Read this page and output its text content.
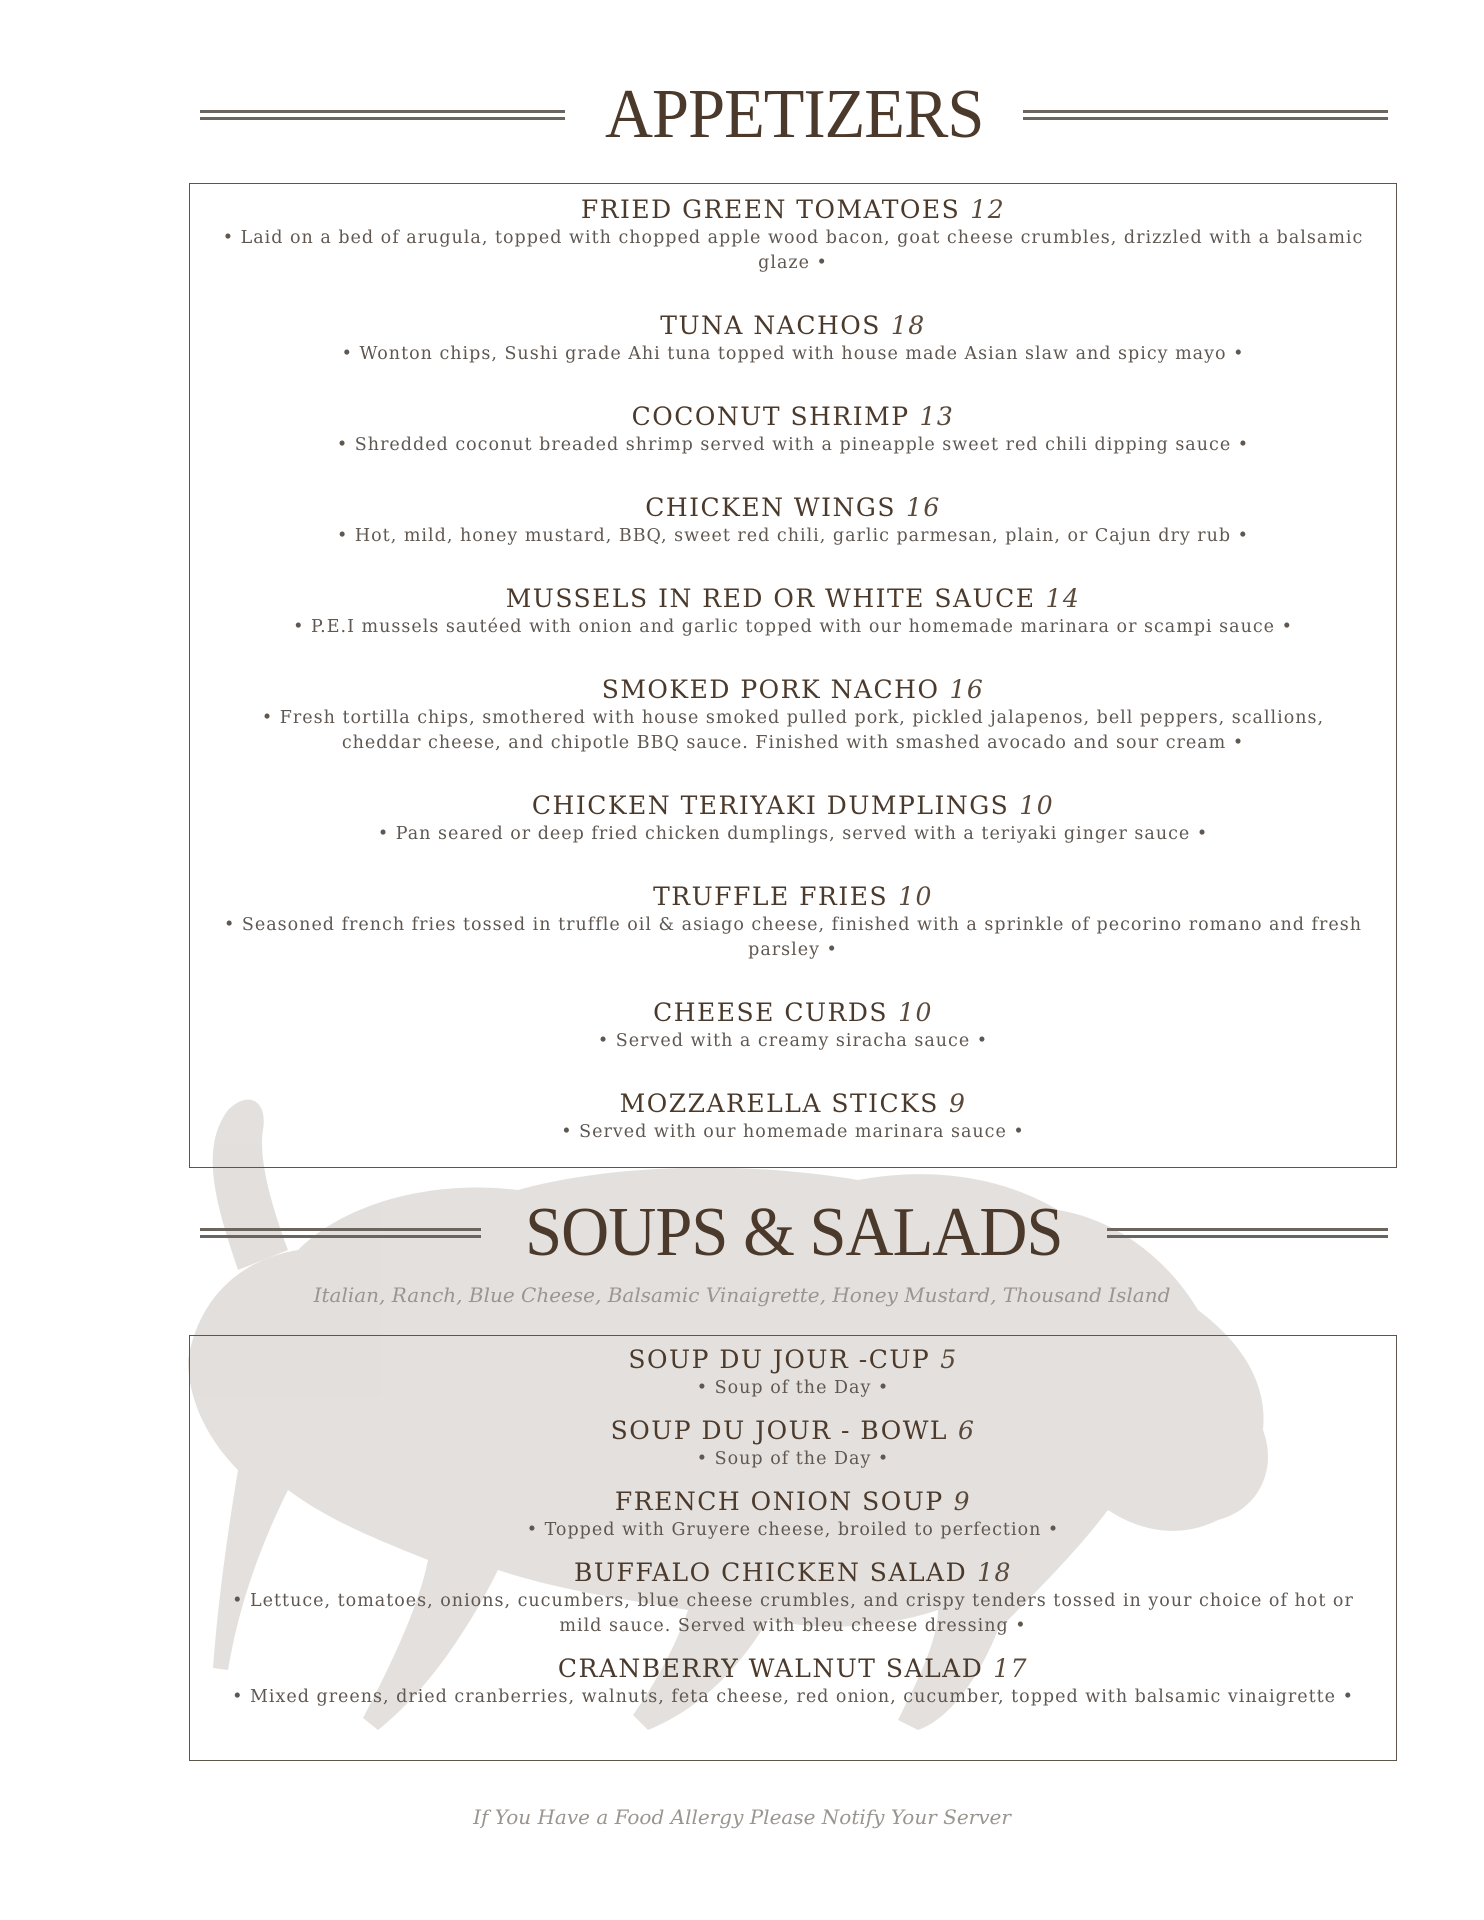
APPETIZERS
FRIED GREEN TOMATOES 12
• Laid on a bed of arugula, topped with chopped apple wood bacon, goat cheese crumbles, drizzled with a balsamic glaze •
TUNA NACHOS 18
• Wonton chips, Sushi grade Ahi tuna topped with house made Asian slaw and spicy mayo •
COCONUT SHRIMP 13
• Shredded coconut breaded shrimp served with a pineapple sweet red chili dipping sauce •
CHICKEN WINGS 16
• Hot, mild, honey mustard, BBQ, sweet red chili, garlic parmesan, plain, or Cajun dry rub •
MUSSELS IN RED OR WHITE SAUCE 14
• P.E.I mussels sautéed with onion and garlic topped with our homemade marinara or scampi sauce •
SMOKED PORK NACHO 16
• Fresh tortilla chips, smothered with house smoked pulled pork, pickled jalapenos, bell peppers, scallions, cheddar cheese, and chipotle BBQ sauce. Finished with smashed avocado and sour cream •
CHICKEN TERIYAKI DUMPLINGS 10
• Pan seared or deep fried chicken dumplings, served with a teriyaki ginger sauce •
TRUFFLE FRIES 10
• Seasoned french fries tossed in truffle oil & asiago cheese, finished with a sprinkle of pecorino romano and fresh parsley •
CHEESE CURDS 10
• Served with a creamy siracha sauce •
MOZZARELLA STICKS 9
• Served with our homemade marinara sauce •
SOUPS & SALADS
Italian, Ranch, Blue Cheese, Balsamic Vinaigrette, Honey Mustard, Thousand Island
SOUP DU JOUR -CUP 5
• Soup of the Day •
SOUP DU JOUR - BOWL 6
• Soup of the Day •
FRENCH ONION SOUP 9
• Topped with Gruyere cheese, broiled to perfection •
BUFFALO CHICKEN SALAD 18
• Lettuce, tomatoes, onions, cucumbers, blue cheese crumbles, and crispy tenders tossed in your choice of hot or mild sauce. Served with bleu cheese dressing •
CRANBERRY WALNUT SALAD 17
• Mixed greens, dried cranberries, walnuts, feta cheese, red onion, cucumber, topped with balsamic vinaigrette •
If You Have a Food Allergy Please Notify Your Server
